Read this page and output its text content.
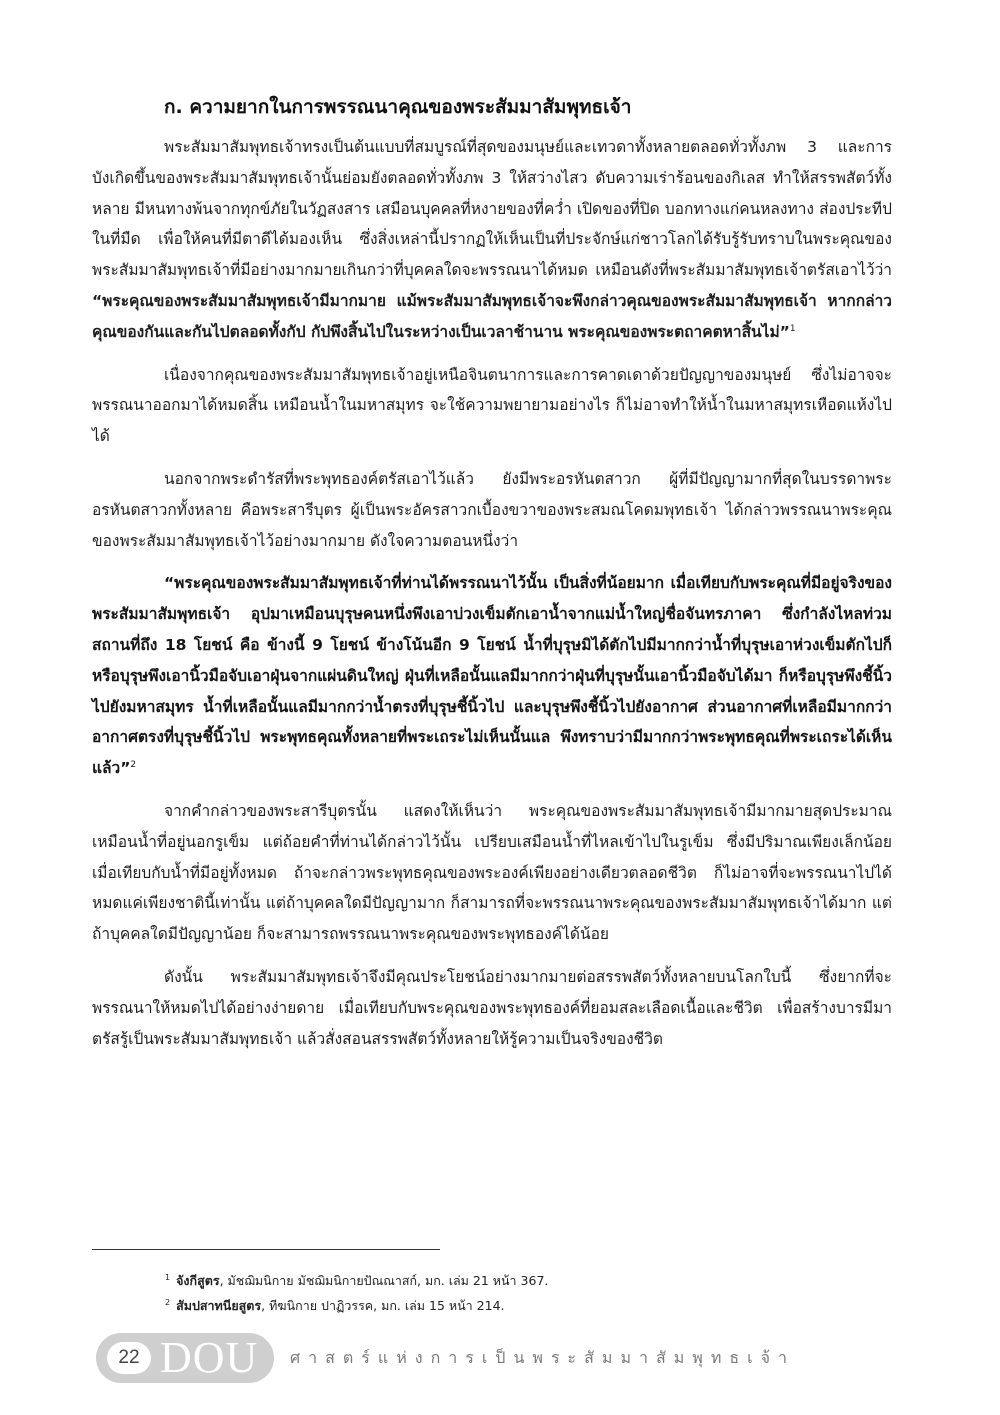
ก. ความยากในการพรรณนาคุณของพระสัมมาสัมพุทธเจ้า

พระสัมมาสัมพุทธเจ้าทรงเป็นต้นแบบที่สมบูรณ์ที่สุดของมนุษย์และเทวดาทั้งหลายตลอดทั่วทั้งภพ 3 และการบังเกิดขึ้นของพระสัมมาสัมพุทธเจ้านั้นย่อมยังตลอดทั่วทั้งภพ 3 ให้สว่างไสว ดับความเร่าร้อนของกิเลส ทำให้สรรพสัตว์ทั้งหลาย มีหนทางพ้นจากทุกข์ภัยในวัฏสงสาร เสมือนบุคคลที่หงายของที่คว่ำ เปิดของที่ปิด บอกทางแก่คนหลงทาง ส่องประทีปในที่มืด เพื่อให้คนที่มีตาดีได้มองเห็น ซึ่งสิ่งเหล่านี้ปรากฏให้เห็นเป็นที่ประจักษ์แก่ชาวโลกได้รับรู้รับทราบในพระคุณของพระสัมมาสัมพุทธเจ้าที่มีอย่างมากมายเกินกว่าที่บุคคลใดจะพรรณนาได้หมด เหมือนดังที่พระสัมมาสัมพุทธเจ้าตรัสเอาไว้ว่า “พระคุณของพระสัมมาสัมพุทธเจ้ามีมากมาย แม้พระสัมมาสัมพุทธเจ้าจะพึงกล่าวคุณของพระสัมมาสัมพุทธเจ้า หากกล่าวคุณของกันและกันไปตลอดทั้งกัป กัปพึงสิ้นไปในระหว่างเป็นเวลาช้านาน พระคุณของพระตถาคตหาสิ้นไม่”$^1$

เนื่องจากคุณของพระสัมมาสัมพุทธเจ้าอยู่เหนือจินตนาการและการคาดเดาด้วยปัญญาของมนุษย์ ซึ่งไม่อาจจะพรรณนาออกมาได้หมดสิ้น เหมือนน้ำในมหาสมุทร จะใช้ความพยายามอย่างไร ก็ไม่อาจทำให้น้ำในมหาสมุทรเหือดแห้งไปได้

นอกจากพระดำรัสที่พระพุทธองค์ตรัสเอาไว้แล้ว ยังมีพระอรหันตสาวก ผู้ที่มีปัญญามากที่สุดในบรรดาพระอรหันตสาวกทั้งหลาย คือพระสารีบุตร ผู้เป็นพระอัครสาวกเบื้องขวาของพระสมณโคดมพุทธเจ้า ได้กล่าวพรรณนาพระคุณของพระสัมมาสัมพุทธเจ้าไว้อย่างมากมาย ดังใจความตอนหนึ่งว่า

“พระคุณของพระสัมมาสัมพุทธเจ้าที่ท่านได้พรรณนาไว้นั้น เป็นสิ่งที่น้อยมาก เมื่อเทียบกับพระคุณที่มีอยู่จริงของพระสัมมาสัมพุทธเจ้า อุปมาเหมือนบุรุษคนหนึ่งพึงเอาบ่วงเข็มตักเอาน้ำจากแม่น้ำใหญ่ชื่อจันทรภาคา ซึ่งกำลังไหลท่วมสถานที่ถึง 18 โยชน์ คือ ข้างนี้ 9 โยชน์ ข้างโน้นอีก 9 โยชน์ น้ำที่บุรุษมิได้ตักไปมีมากกว่าน้ำที่บุรุษเอาห่วงเข็มตักไปก็หรือบุรุษพึงเอานิ้วมือจับเอาฝุ่นจากแผ่นดินใหญ่ ฝุ่นที่เหลือนั้นแลมีมากกว่าฝุ่นที่บุรุษนั้นเอานิ้วมือจับได้มา ก็หรือบุรุษพึงชี้นิ้วไปยังมหาสมุทร น้ำที่เหลือนั้นแลมีมากกว่าน้ำตรงที่บุรุษชี้นิ้วไป และบุรุษพึงชี้นิ้วไปยังอากาศ ส่วนอากาศที่เหลือมีมากกว่าอากาศตรงที่บุรุษชี้นิ้วไป พระพุทธคุณทั้งหลายที่พระเถระไม่เห็นนั้นแล พึงทราบว่ามีมากกว่าพระพุทธคุณที่พระเถระได้เห็นแล้ว”$^2$

จากคำกล่าวของพระสารีบุตรนั้น แสดงให้เห็นว่า พระคุณของพระสัมมาสัมพุทธเจ้ามีมากมายสุดประมาณ เหมือนน้ำที่อยู่นอกรูเข็ม แต่ถ้อยคำที่ท่านได้กล่าวไว้นั้น เปรียบเสมือนน้ำที่ไหลเข้าไปในรูเข็ม ซึ่งมีปริมาณเพียงเล็กน้อย เมื่อเทียบกับน้ำที่มีอยู่ทั้งหมด ถ้าจะกล่าวพระพุทธคุณของพระองค์เพียงอย่างเดียวตลอดชีวิต ก็ไม่อาจที่จะพรรณนาไปได้หมดแค่เพียงชาตินี้เท่านั้น แต่ถ้าบุคคลใดมีปัญญามาก ก็สามารถที่จะพรรณนาพระคุณของพระสัมมาสัมพุทธเจ้าได้มาก แต่ถ้าบุคคลใดมีปัญญาน้อย ก็จะสามารถพรรณนาพระคุณของพระพุทธองค์ได้น้อย

ดังนั้น พระสัมมาสัมพุทธเจ้าจึงมีคุณประโยชน์อย่างมากมายต่อสรรพสัตว์ทั้งหลายบนโลกใบนี้ ซึ่งยากที่จะพรรณนาให้หมดไปได้อย่างง่ายดาย เมื่อเทียบกับพระคุณของพระพุทธองค์ที่ยอมสละเลือดเนื้อและชีวิต เพื่อสร้างบารมีมาตรัสรู้เป็นพระสัมมาสัมพุทธเจ้า แล้วสั่งสอนสรรพสัตว์ทั้งหลายให้รู้ความเป็นจริงของชีวิต

$^1$ จังกีสูตร, มัชฌิมนิกาย มัชฌิมนิกายปัณณาสก์, มก. เล่ม 21 หน้า 367.
$^2$ สัมปสาทนียสูตร, ทีฆนิกาย ปาฏิวรรค, มก. เล่ม 15 หน้า 214.
22 DOU ศาสตร์แห่งการเป็นพระสัมมาสัมพุทธเจ้า
